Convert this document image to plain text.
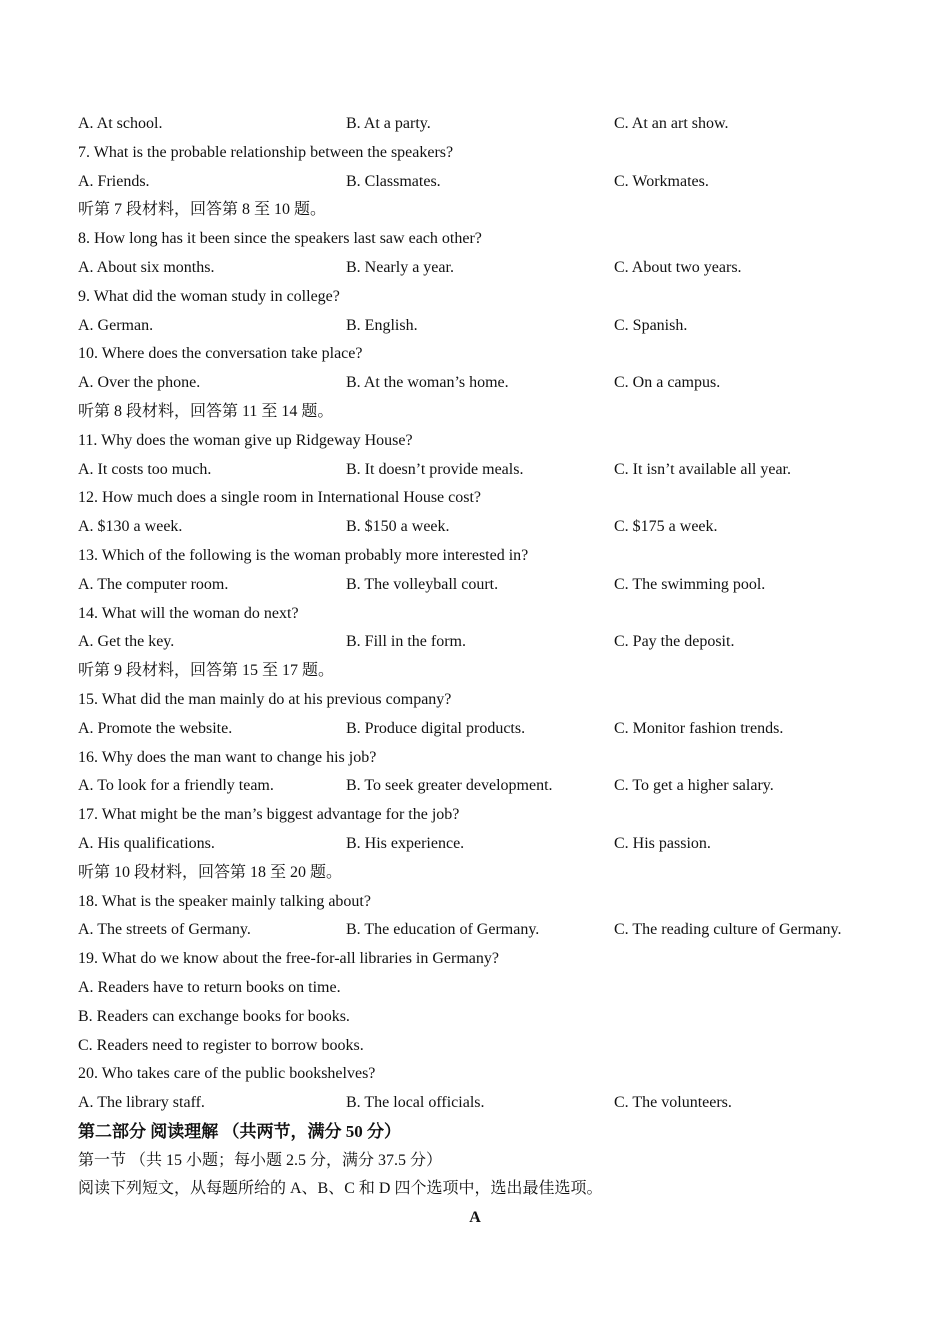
A. At school.	B. At a party.	C. At an art show.
7. What is the probable relationship between the speakers?
A. Friends.	B. Classmates.	C. Workmates.
听第 7 段材料，回答第 8 至 10 题。
8. How long has it been since the speakers last saw each other?
A. About six months.	B. Nearly a year.	C. About two years.
9. What did the woman study in college?
A. German.	B. English.	C. Spanish.
10. Where does the conversation take place?
A. Over the phone.	B. At the woman’s home.	C. On a campus.
听第 8 段材料，回答第 11 至 14 题。
11. Why does the woman give up Ridgeway House?
A. It costs too much.	B. It doesn’t provide meals.	C. It isn’t available all year.
12. How much does a single room in International House cost?
A. $130 a week.	B. $150 a week.	C. $175 a week.
13. Which of the following is the woman probably more interested in?
A. The computer room.	B. The volleyball court.	C. The swimming pool.
14. What will the woman do next?
A. Get the key.	B. Fill in the form.	C. Pay the deposit.
听第 9 段材料，回答第 15 至 17 题。
15. What did the man mainly do at his previous company?
A. Promote the website.	B. Produce digital products.	C. Monitor fashion trends.
16. Why does the man want to change his job?
A. To look for a friendly team.	B. To seek greater development.	C. To get a higher salary.
17. What might be the man’s biggest advantage for the job?
A. His qualifications.	B. His experience.	C. His passion.
听第 10 段材料，回答第 18 至 20 题。
18. What is the speaker mainly talking about?
A. The streets of Germany.	B. The education of Germany.	C. The reading culture of Germany.
19. What do we know about the free-for-all libraries in Germany?
A. Readers have to return books on time.
B. Readers can exchange books for books.
C. Readers need to register to borrow books.
20. Who takes care of the public bookshelves?
A. The library staff.	B. The local officials.	C. The volunteers.
第二部分 阅读理解 （共两节，满分 50 分）
第一节 （共 15 小题；每小题 2.5 分，满分 37.5 分）
阅读下列短文，从每题所给的 A、B、C 和 D 四个选项中，选出最佳选项。
A
